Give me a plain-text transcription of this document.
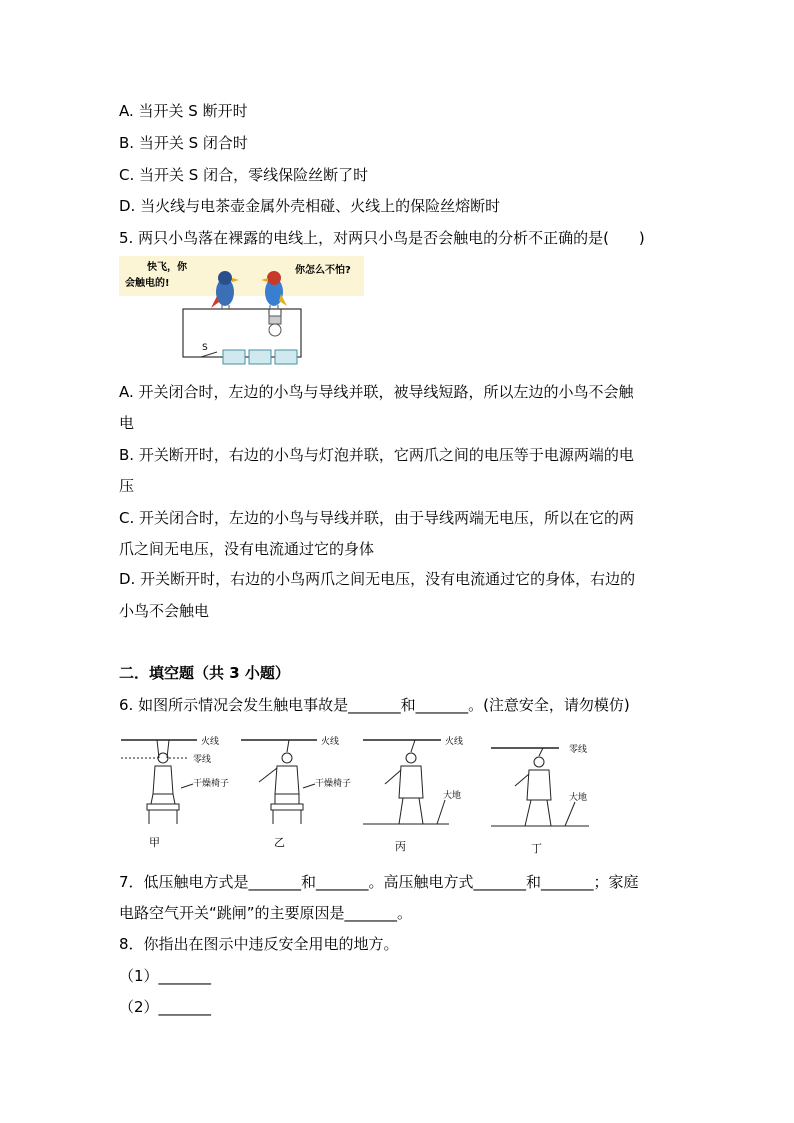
A. 当开关 S 断开时
B. 当开关 S 闭合时
C. 当开关 S 闭合，零线保险丝断了时
D. 当火线与电茶壶金属外壳相碰、火线上的保险丝熔断时
5. 两只小鸟落在裸露的电线上，对两只小鸟是否会触电的分析不正确的是(　　)
快飞，你
会触电的!
你怎么不怕?
S
A. 开关闭合时，左边的小鸟与导线并联，被导线短路，所以左边的小鸟不会触
电
B. 开关断开时，右边的小鸟与灯泡并联，它两爪之间的电压等于电源两端的电
压
C. 开关闭合时，左边的小鸟与导线并联，由于导线两端无电压，所以在它的两
爪之间无电压，没有电流通过它的身体
D. 开关断开时，右边的小鸟两爪之间无电压，没有电流通过它的身体，右边的
小鸟不会触电
二．填空题（共 3 小题）
6. 如图所示情况会发生触电事故是_______和_______。(注意安全，请勿模仿)
火线
零线
干燥椅子
甲
火线
干燥椅子
乙
火线
大地
丙
零线
大地
丁
7．低压触电方式是_______和_______。高压触电方式_______和_______；家庭
电路空气开关“跳闸”的主要原因是_______。
8．你指出在图示中违反安全用电的地方。
（1）_______
（2）_______
